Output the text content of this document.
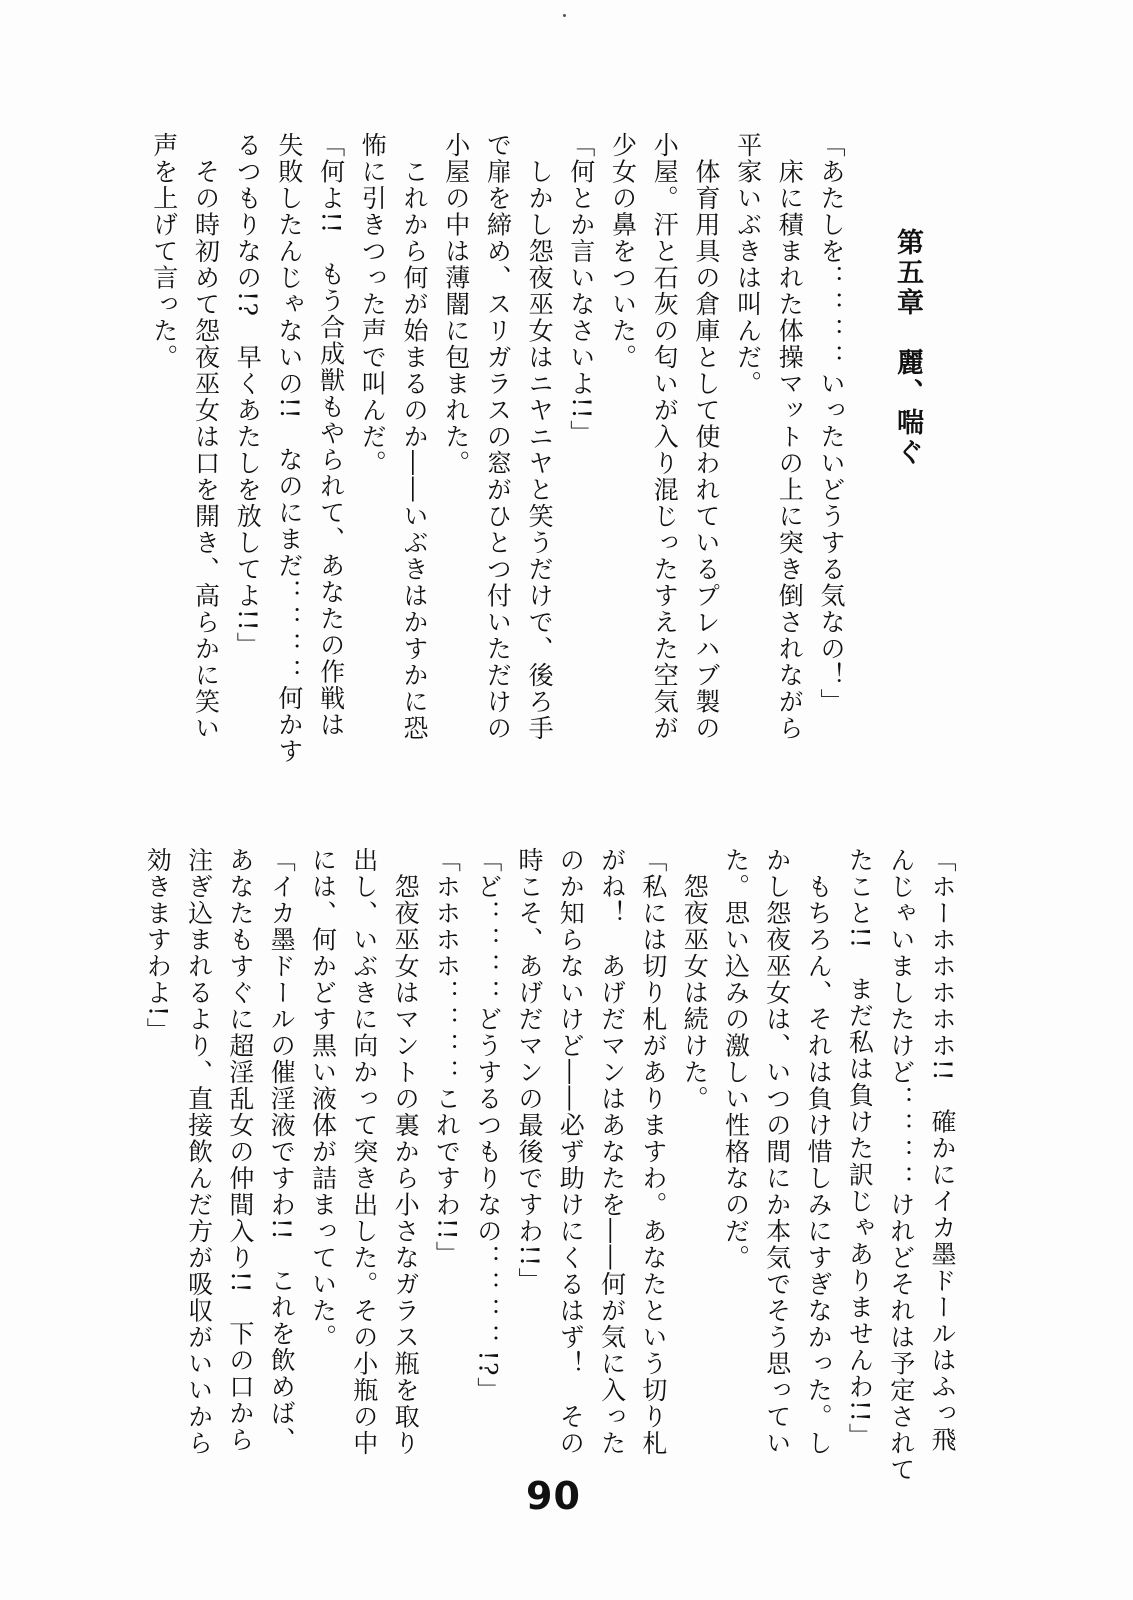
第五章　麗、喘ぐ
「あたしを：：：：いったいどうする気なの！」
　床に積まれた体操マットの上に突き倒されながら
平家いぶきは叫んだ。
　体育用具の倉庫として使われているプレハブ製の
小屋。汗と石灰の匂いが入り混じったすえた空気が
少女の鼻をついた。
「何とか言いなさいよ!!」
　しかし怨夜巫女はニヤニヤと笑うだけで、後ろ手
で扉を締め、スリガラスの窓がひとつ付いただけの
小屋の中は薄闇に包まれた。
　これから何が始まるのか――いぶきはかすかに恐
怖に引きつった声で叫んだ。
「何よ!!　もう合成獣もやられて、あなたの作戦は
失敗したんじゃないの!!　なのにまだ：：：：何かす
るつもりなの!?　早くあたしを放してよ!!」
　その時初めて怨夜巫女は口を開き、高らかに笑い
声を上げて言った。
「ホーホホホホホ!!　確かにイカ墨ドールはふっ飛
んじゃいましたけど：：：：けれどそれは予定されて
たこと!!　まだ私は負けた訳じゃありませんわ!!」
　もちろん、それは負け惜しみにすぎなかった。し
かし怨夜巫女は、いつの間にか本気でそう思ってい
た。思い込みの激しい性格なのだ。
　怨夜巫女は続けた。
「私には切り札がありますわ。あなたという切り札
がね！　あげだマンはあなたを――何が気に入った
のか知らないけど――必ず助けにくるはず！　その
時こそ、あげだマンの最後ですわ!!」
「ど：：：：どうするつもりなの：：：：!?」
「ホホホホ：：：：これですわ!!」
　怨夜巫女はマントの裏から小さなガラス瓶を取り
出し、いぶきに向かって突き出した。その小瓶の中
には、何かどす黒い液体が詰まっていた。
「イカ墨ドールの催淫液ですわ!!　これを飲めば、
あなたもすぐに超淫乱女の仲間入り!!　下の口から
注ぎ込まれるより、直接飲んだ方が吸収がいいから
効きますわよ!」
90
